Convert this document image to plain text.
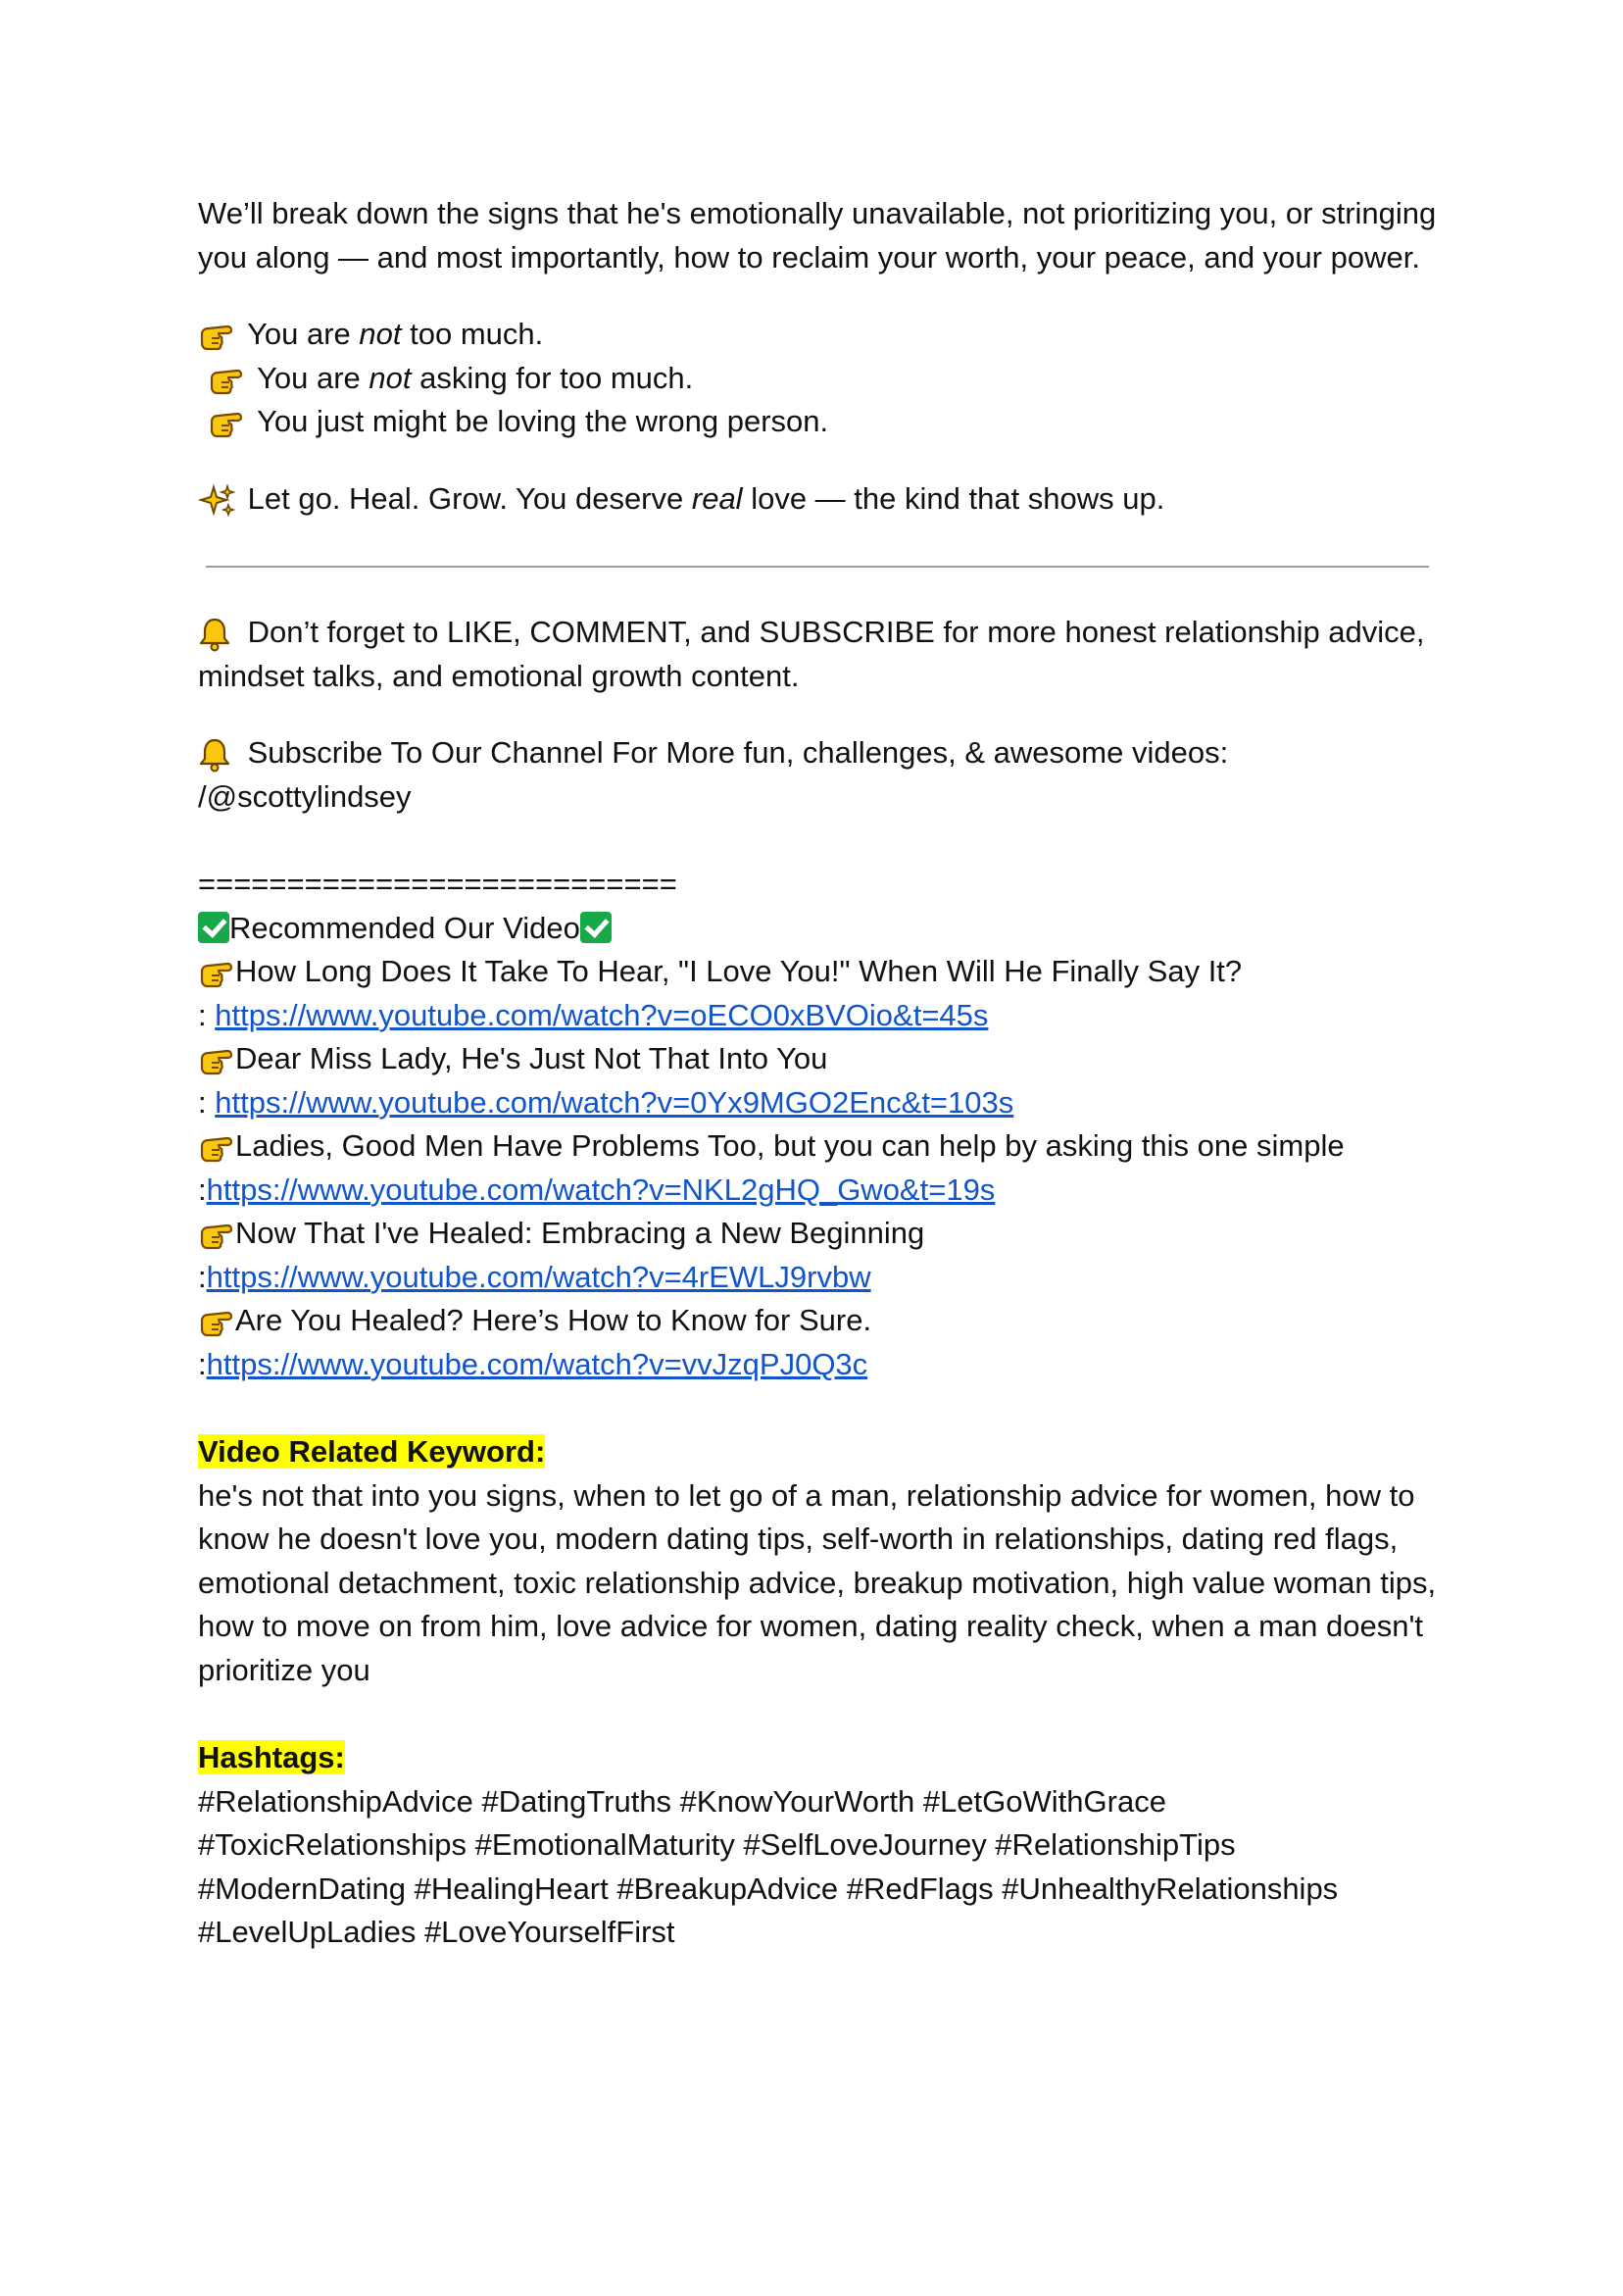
We’ll break down the signs that he's emotionally unavailable, not prioritizing you, or stringing you along — and most importantly, how to reclaim your worth, your peace, and your power.

You are not too much.

You are not asking for too much.

You just might be loving the wrong person.

Let go. Heal. Grow. You deserve real love — the kind that shows up.

Don’t forget to LIKE, COMMENT, and SUBSCRIBE for more honest relationship advice, mindset talks, and emotional growth content.

Subscribe To Our Channel For More fun, challenges, & awesome videos:
/@scottylindsey

===========================

Recommended Our Video

How Long Does It Take To Hear, "I Love You!" When Will He Finally Say It?

: https://www.youtube.com/watch?v=oECO0xBVOio&t=45s

Dear Miss Lady, He's Just Not That Into You

: https://www.youtube.com/watch?v=0Yx9MGO2Enc&t=103s

Ladies, Good Men Have Problems Too, but you can help by asking this one simple

:https://www.youtube.com/watch?v=NKL2gHQ_Gwo&t=19s

Now That I've Healed: Embracing a New Beginning

:https://www.youtube.com/watch?v=4rEWLJ9rvbw

Are You Healed? Here’s How to Know for Sure.

:https://www.youtube.com/watch?v=vvJzqPJ0Q3c

Video Related Keyword:
he's not that into you signs, when to let go of a man, relationship advice for women, how to know he doesn't love you, modern dating tips, self-worth in relationships, dating red flags, emotional detachment, toxic relationship advice, breakup motivation, high value woman tips, how to move on from him, love advice for women, dating reality check, when a man doesn't prioritize you

Hashtags:
#RelationshipAdvice #DatingTruths #KnowYourWorth #LetGoWithGrace
#ToxicRelationships #EmotionalMaturity #SelfLoveJourney #RelationshipTips
#ModernDating #HealingHeart #BreakupAdvice #RedFlags #UnhealthyRelationships
#LevelUpLadies #LoveYourselfFirst
